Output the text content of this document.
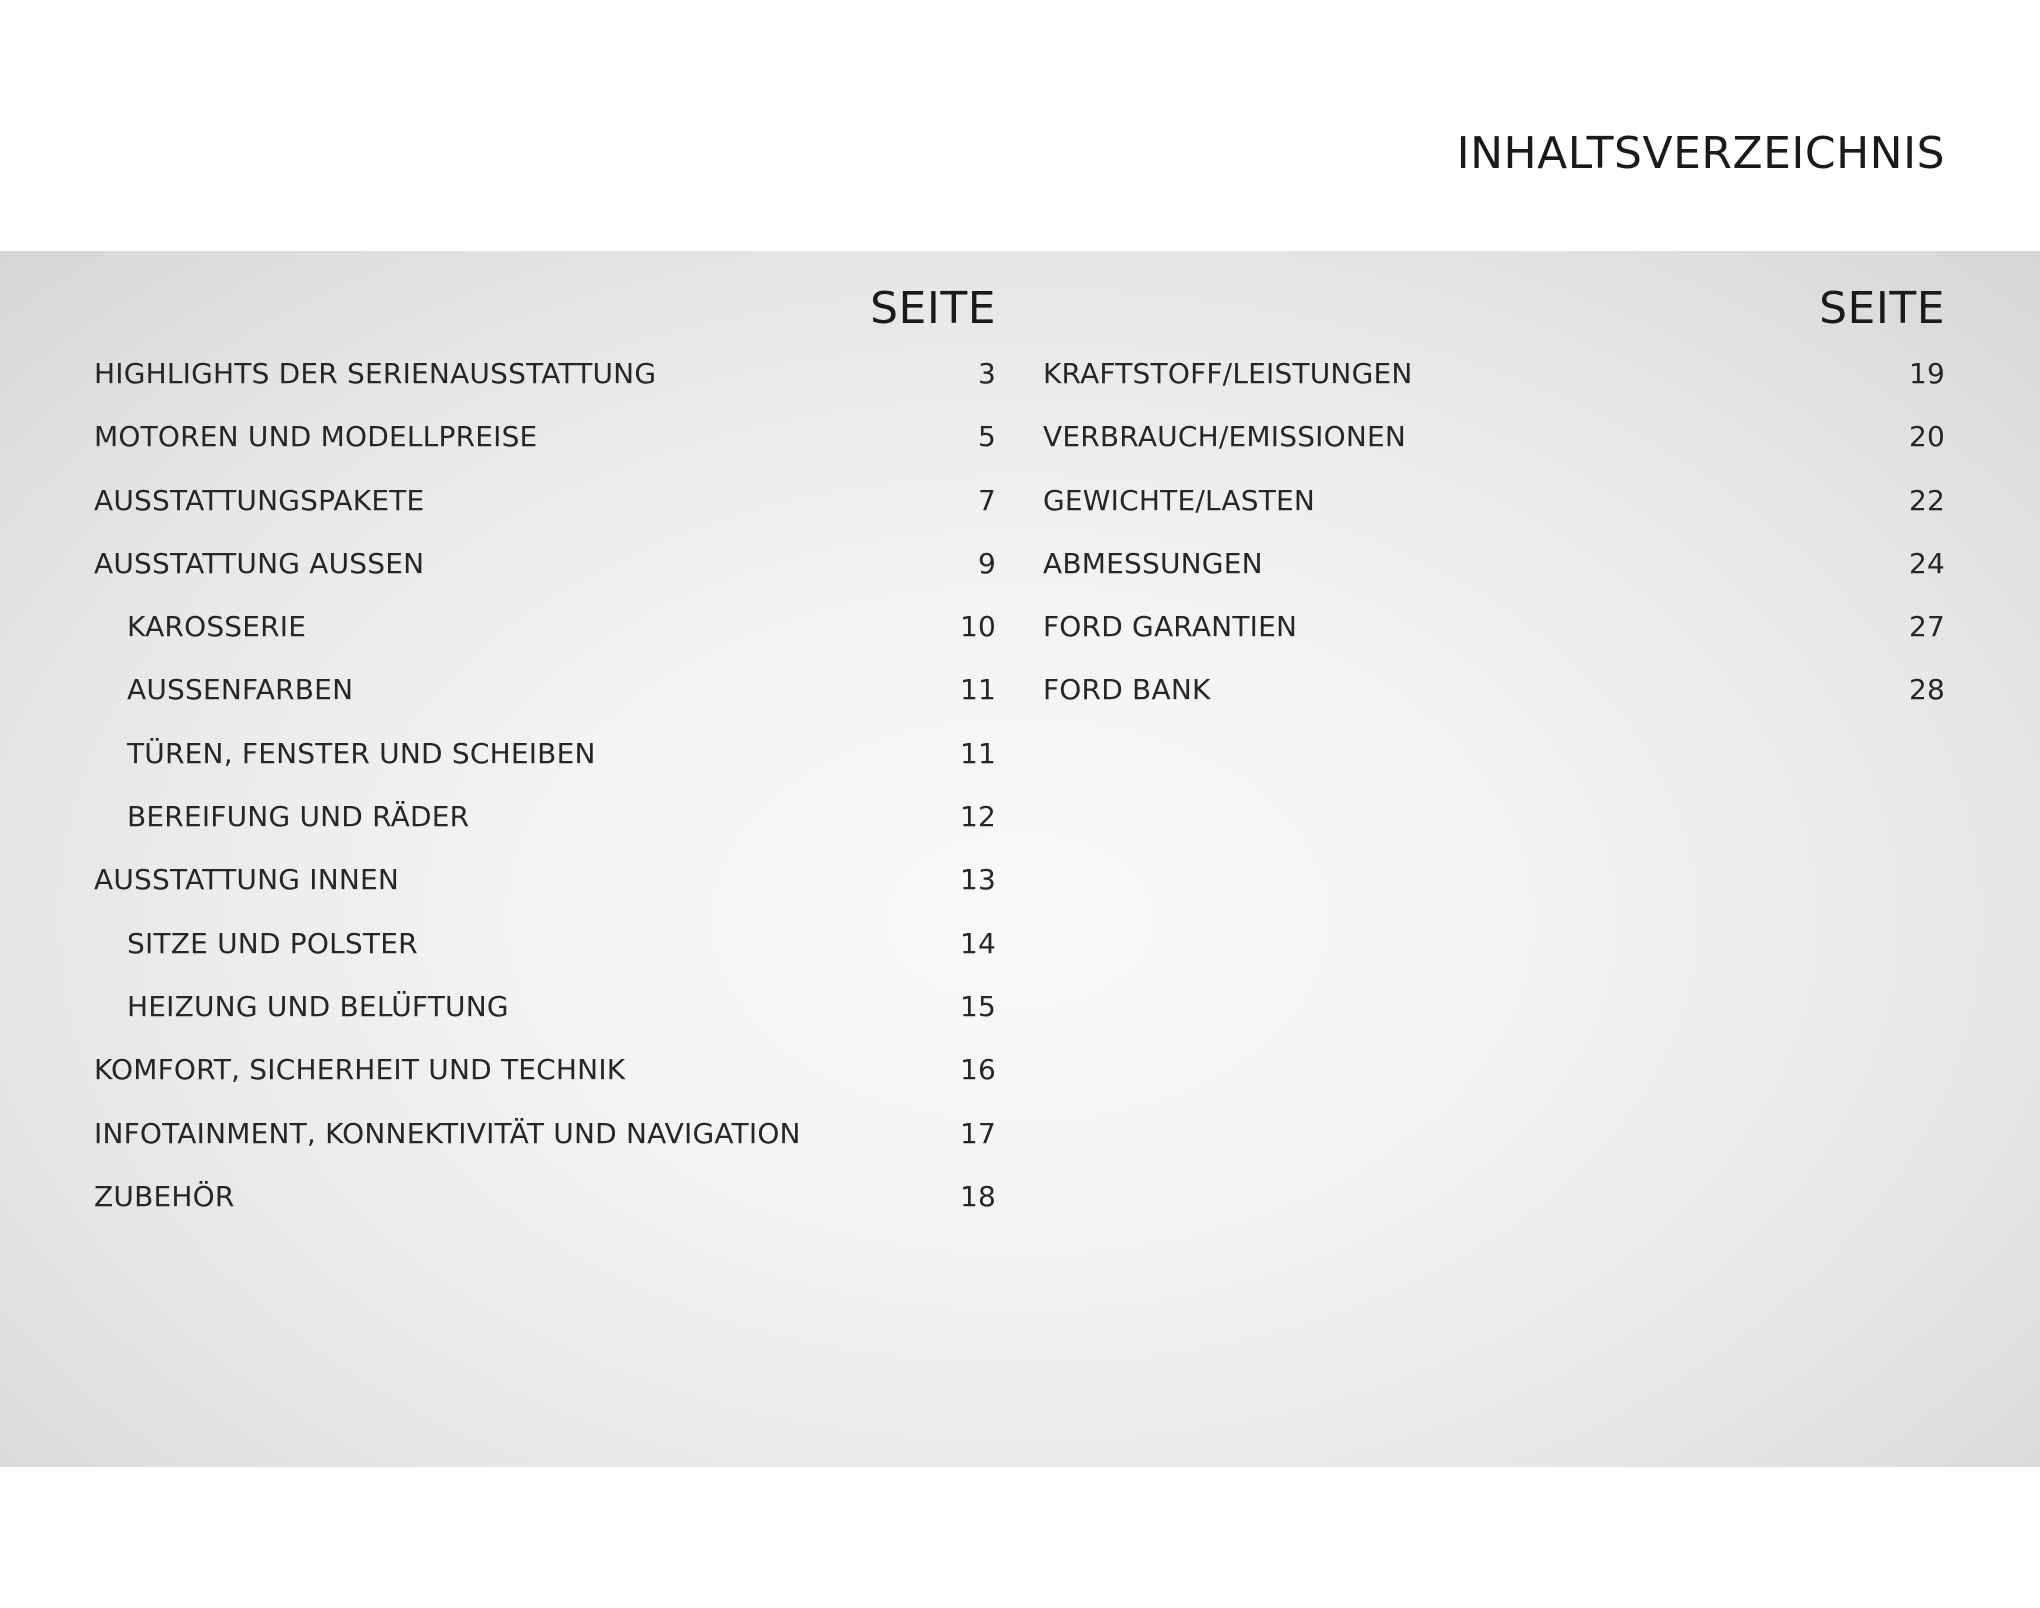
INHALTSVERZEICHNIS
SEITE
HIGHLIGHTS DER SERIENAUSSTATTUNG	3
MOTOREN UND MODELLPREISE	5
AUSSTATTUNGSPAKETE	7
AUSSTATTUNG AUSSEN	9
KAROSSERIE	10
AUSSENFARBEN	11
TÜREN, FENSTER UND SCHEIBEN	11
BEREIFUNG UND RÄDER	12
AUSSTATTUNG INNEN	13
SITZE UND POLSTER	14
HEIZUNG UND BELÜFTUNG	15
KOMFORT, SICHERHEIT UND TECHNIK	16
INFOTAINMENT, KONNEKTIVITÄT UND NAVIGATION	17
ZUBEHÖR	18
SEITE
KRAFTSTOFF/LEISTUNGEN	19
VERBRAUCH/EMISSIONEN	20
GEWICHTE/LASTEN	22
ABMESSUNGEN	24
FORD GARANTIEN	27
FORD BANK	28
